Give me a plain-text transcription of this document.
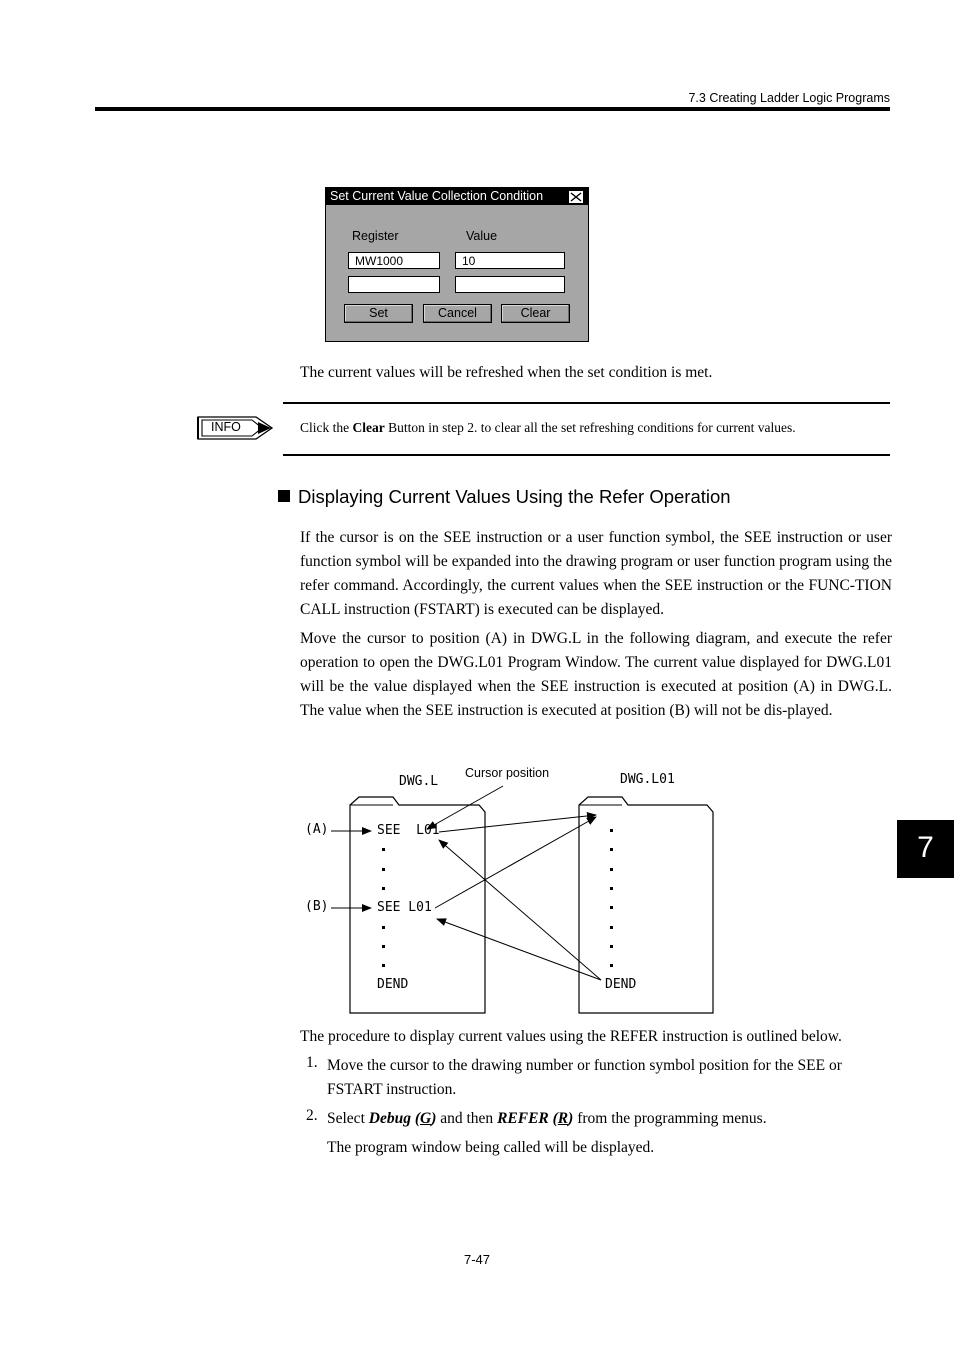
7.3 Creating Ladder Logic Programs
Set Current Value Collection Condition
Register	Value
MW1000	10
Set	Cancel	Clear
The current values will be refreshed when the set condition is met.
INFO	Click the Clear Button in step 2. to clear all the set refreshing conditions for current values.
Displaying Current Values Using the Refer Operation
If the cursor is on the SEE instruction or a user function symbol, the SEE instruction or user function symbol will be expanded into the drawing program or user function program using the refer command. Accordingly, the current values when the SEE instruction or the FUNC-TION CALL instruction (FSTART) is executed can be displayed.
Move the cursor to position (A) in DWG.L in the following diagram, and execute the refer operation to open the DWG.L01 Program Window. The current value displayed for DWG.L01 will be the value displayed when the SEE instruction is executed at position (A) in DWG.L. The value when the SEE instruction is executed at position (B) will not be dis-played.
DWG.L	DWG.L01
Cursor position
(A)
(B)
SEE  L01
SEE L01
DEND	DEND
The procedure to display current values using the REFER instruction is outlined below.
1. Move the cursor to the drawing number or function symbol position for the SEE or FSTART instruction.
2. Select Debug (G) and then REFER (R) from the programming menus.
The program window being called will be displayed.
7
7-47
